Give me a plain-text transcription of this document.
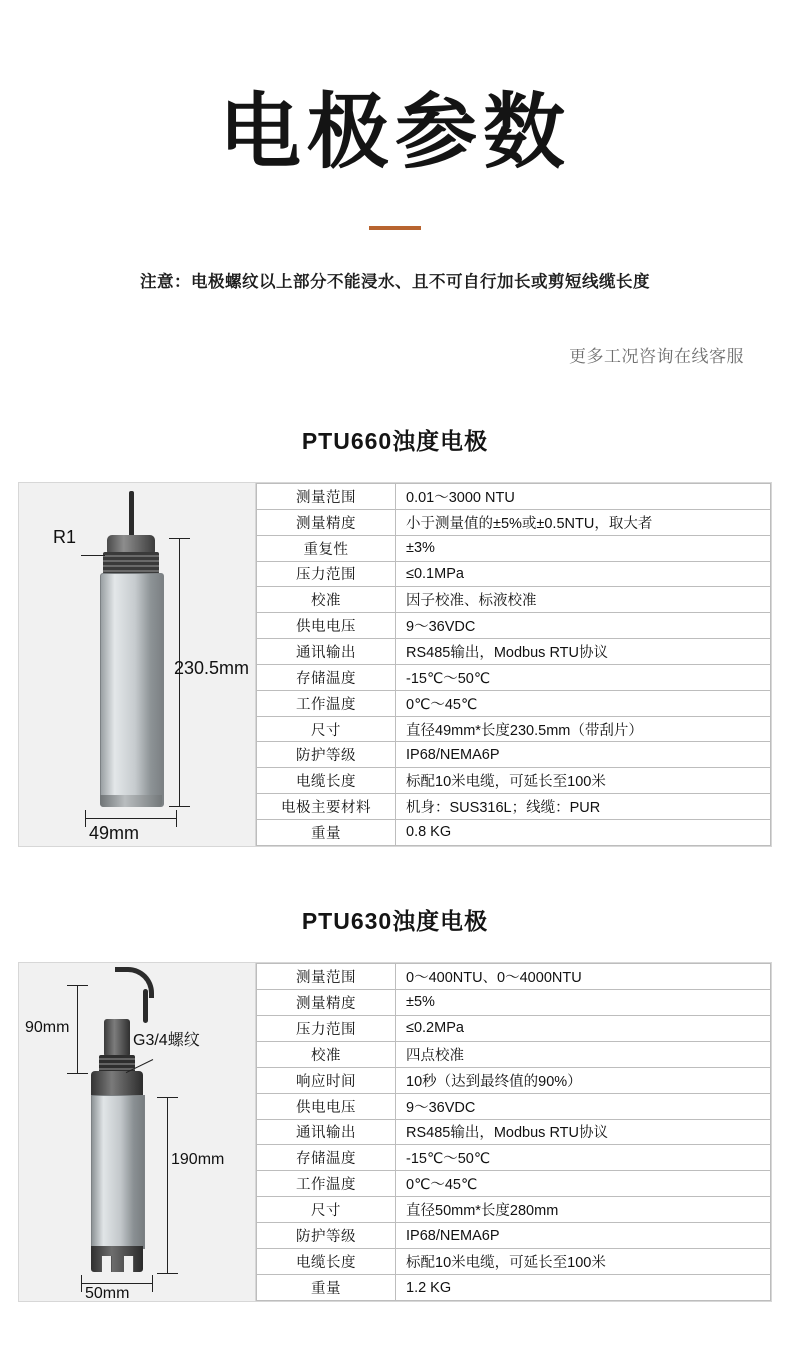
电极参数
注意：电极螺纹以上部分不能浸水、且不可自行加长或剪短线缆长度
更多工况咨询在线客服
PTU660浊度电极
R1
230.5mm
49mm
测量范围	0.01～3000 NTU
测量精度	小于测量值的±5%或±0.5NTU，取大者
重复性	±3%
压力范围	≤0.1MPa
校准	因子校准、标液校准
供电电压	9～36VDC
通讯输出	RS485输出，Modbus RTU协议
存储温度	-15℃～50℃
工作温度	0℃～45℃
尺寸	直径49mm*长度230.5mm（带刮片）
防护等级	IP68/NEMA6P
电缆长度	标配10米电缆，可延长至100米
电极主要材料	机身：SUS316L；线缆：PUR
重量	0.8 KG
PTU630浊度电极
90mm
G3/4螺纹
190mm
50mm
测量范围	0～400NTU、0～4000NTU
测量精度	±5%
压力范围	≤0.2MPa
校准	四点校准
响应时间	10秒（达到最终值的90%）
供电电压	9～36VDC
通讯输出	RS485输出，Modbus RTU协议
存储温度	-15℃～50℃
工作温度	0℃～45℃
尺寸	直径50mm*长度280mm
防护等级	IP68/NEMA6P
电缆长度	标配10米电缆，可延长至100米
重量	1.2 KG
